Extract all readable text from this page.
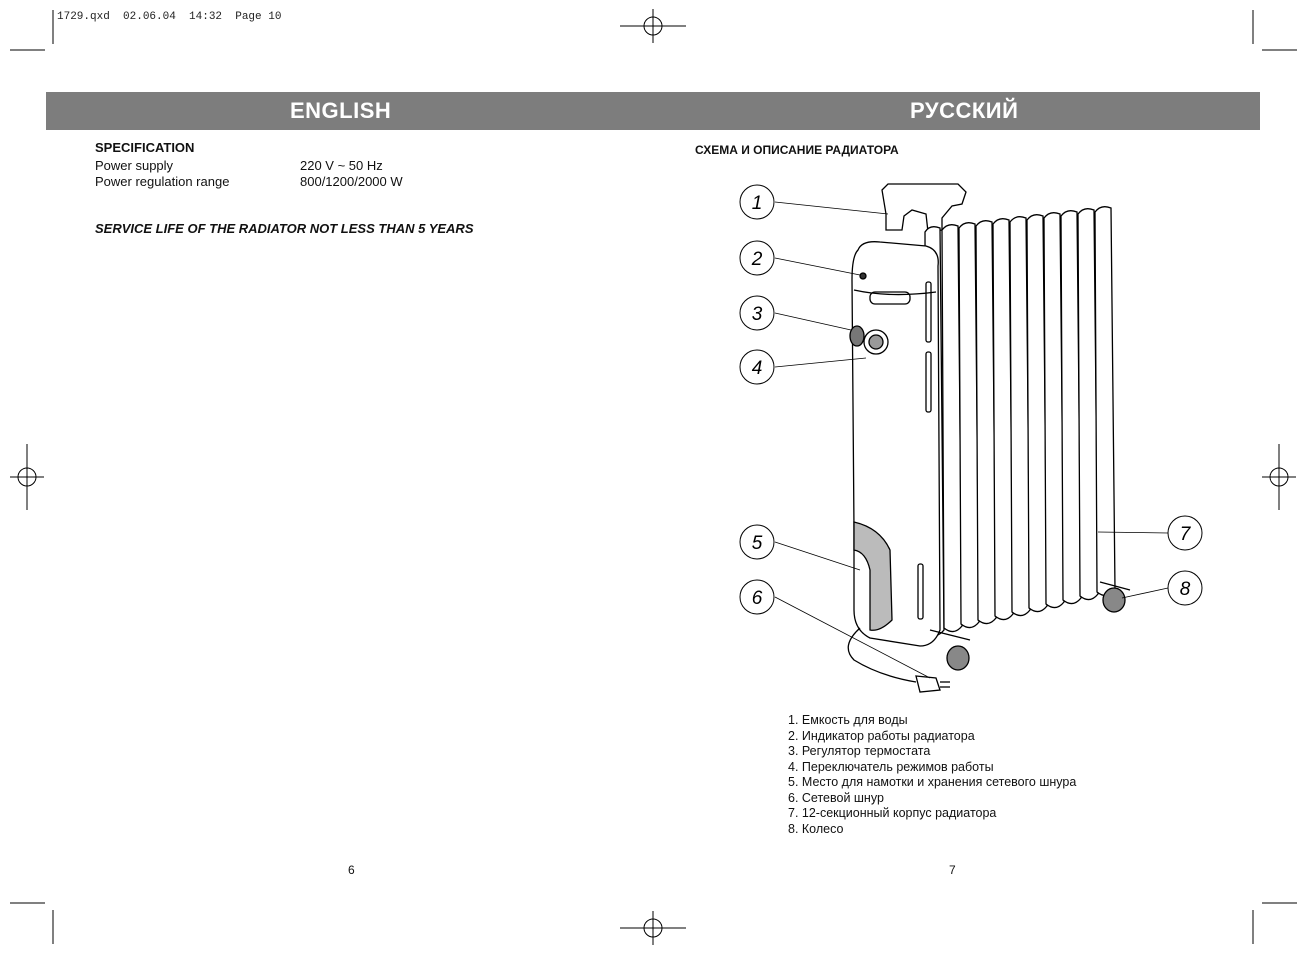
1729.qxd  02.06.04  14:32  Page 10
ENGLISH	РУССКИЙ
SPECIFICATION
Power supply	220 V ~ 50 Hz
Power regulation range	800/1200/2000 W
SERVICE LIFE OF THE RADIATOR NOT LESS THAN 5 YEARS
6
СХЕМА И ОПИСАНИЕ РАДИАТОРА
1
2
3
4
5
6
7
8
1. Емкость для воды
2. Индикатор работы радиатора
3. Регулятор термостата
4. Переключатель режимов работы
5. Место для намотки и хранения сетевого шнура
6. Сетевой шнур
7. 12-секционный корпус радиатора
8. Колесо
7
